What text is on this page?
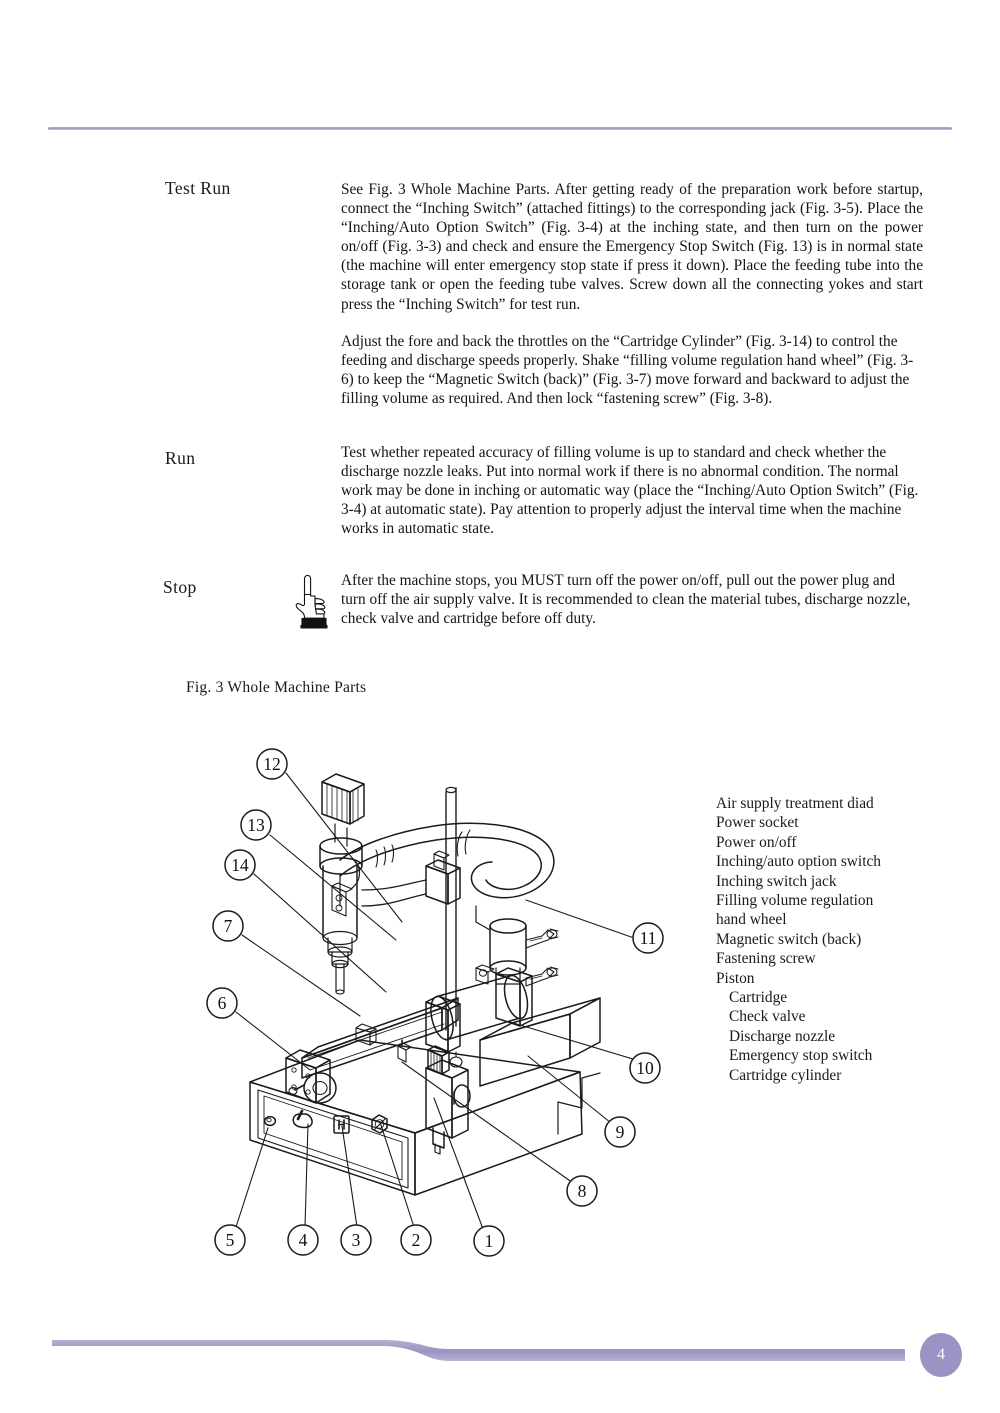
Test Run	See Fig. 3 Whole Machine Parts. After getting ready of the preparation work before startup, connect the “Inching Switch” (attached fittings) to the corresponding jack (Fig. 3-5). Place the “Inching/Auto Option Switch” (Fig. 3-4) at the inching state, and then turn on the power on/off (Fig. 3-3) and check and ensure the Emergency Stop Switch (Fig. 13) is in normal state (the machine will enter emergency stop state if press it down). Place the feeding tube into the storage tank or open the feeding tube valves. Screw down all the connecting yokes and start press the “Inching Switch” for test run.
Adjust the fore and back the throttles on the “Cartridge Cylinder” (Fig. 3-14) to control the feeding and discharge speeds properly. Shake “filling volume regulation hand wheel” (Fig. 3-6) to keep the “Magnetic Switch (back)” (Fig. 3-7) move forward and backward to adjust the filling volume as required. And then lock “fastening screw” (Fig. 3-8).
Run	Test whether repeated accuracy of filling volume is up to standard and check whether the discharge nozzle leaks. Put into normal work if there is no abnormal condition. The normal work may be done in inching or automatic way (place the “Inching/Auto Option Switch” (Fig. 3-4) at automatic state). Pay attention to properly adjust the interval time when the machine works in automatic state.
Stop	After the machine stops, you MUST turn off the power on/off, pull out the power plug and turn off the air supply valve. It is recommended to clean the material tubes, discharge nozzle, check valve and cartridge before off duty.
Fig. 3 Whole Machine Parts
12
13
14
7
6
5	4	3	2	1
8
9
10
11
Air supply treatment diad
Power socket
Power on/off
Inching/auto option switch
Inching switch jack
Filling volume regulation
hand wheel
Magnetic switch (back)
Fastening screw
Piston
Cartridge
Check valve
Discharge nozzle
Emergency stop switch
Cartridge cylinder
4
